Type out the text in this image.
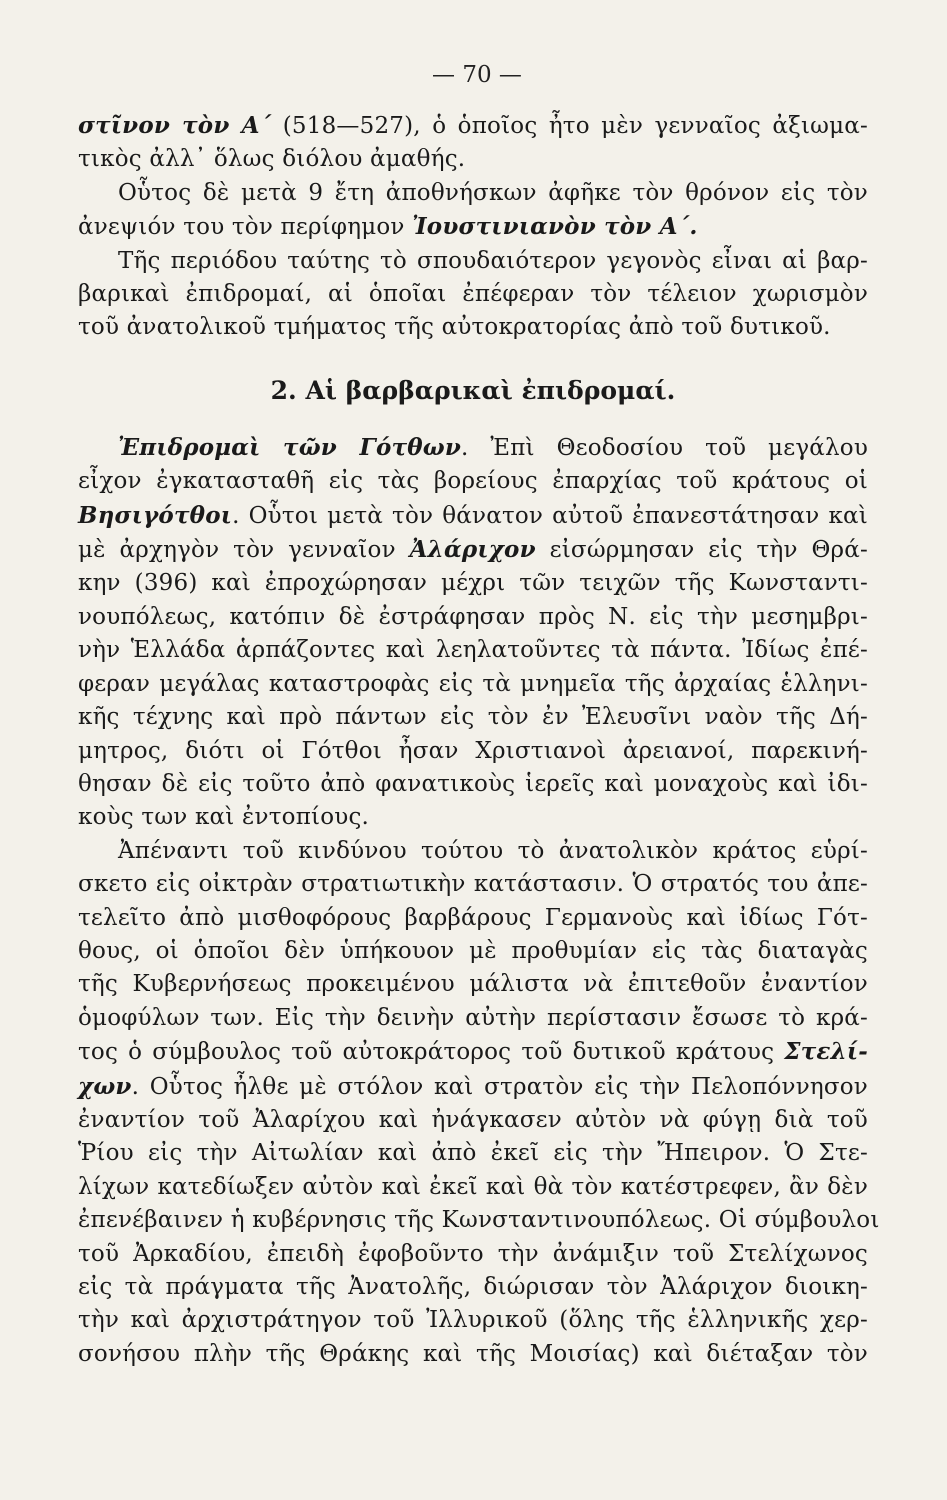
— 70 —
στῖνον τὸν Α΄ (518—527), ὁ ὁποῖος ἦτο μὲν γενναῖος ἀξιωμα-
τικὸς ἀλλ᾽ ὅλως διόλου ἀμαθής.
Οὗτος δὲ μετὰ 9 ἔτη ἀποθνήσκων ἀφῆκε τὸν θρόνον εἰς τὸν
ἀνεψιόν του τὸν περίφημον Ἰουστινιανὸν τὸν Α΄.
Τῆς περιόδου ταύτης τὸ σπουδαιότερον γεγονὸς εἶναι αἱ βαρ-
βαρικαὶ ἐπιδρομαί, αἱ ὁποῖαι ἐπέφεραν τὸν τέλειον χωρισμὸν
τοῦ ἀνατολικοῦ τμήματος τῆς αὐτοκρατορίας ἀπὸ τοῦ δυτικοῦ.
2. Αἱ βαρβαρικαὶ ἐπιδρομαί.
Ἐπιδρομαὶ τῶν Γότθων. Ἐπὶ Θεοδοσίου τοῦ μεγάλου
εἶχον ἐγκατασταθῆ εἰς τὰς βορείους ἐπαρχίας τοῦ κράτους οἱ
Βησιγότθοι. Οὗτοι μετὰ τὸν θάνατον αὐτοῦ ἐπανεστάτησαν καὶ
μὲ ἀρχηγὸν τὸν γενναῖον Ἀλάριχον εἰσώρμησαν εἰς τὴν Θρά-
κην (396) καὶ ἐπροχώρησαν μέχρι τῶν τειχῶν τῆς Κωνσταντι-
νουπόλεως, κατόπιν δὲ ἐστράφησαν πρὸς Ν. εἰς τὴν μεσημβρι-
νὴν Ἑλλάδα ἁρπάζοντες καὶ λεηλατοῦντες τὰ πάντα. Ἰδίως ἐπέ-
φεραν μεγάλας καταστροφὰς εἰς τὰ μνημεῖα τῆς ἀρχαίας ἑλληνι-
κῆς τέχνης καὶ πρὸ πάντων εἰς τὸν ἐν Ἐλευσῖνι ναὸν τῆς Δή-
μητρος, διότι οἱ Γότθοι ἦσαν Χριστιανοὶ ἀρειανοί, παρεκινή-
θησαν δὲ εἰς τοῦτο ἀπὸ φανατικοὺς ἱερεῖς καὶ μοναχοὺς καὶ ἰδι-
κοὺς των καὶ ἐντοπίους.
Ἀπέναντι τοῦ κινδύνου τούτου τὸ ἀνατολικὸν κράτος εὑρί-
σκετο εἰς οἰκτρὰν στρατιωτικὴν κατάστασιν. Ὁ στρατός του ἀπε-
τελεῖτο ἀπὸ μισθοφόρους βαρβάρους Γερμανοὺς καὶ ἰδίως Γότ-
θους, οἱ ὁποῖοι δὲν ὑπήκουον μὲ προθυμίαν εἰς τὰς διαταγὰς
τῆς Κυβερνήσεως προκειμένου μάλιστα νὰ ἐπιτεθοῦν ἐναντίον
ὁμοφύλων των. Εἰς τὴν δεινὴν αὐτὴν περίστασιν ἔσωσε τὸ κρά-
τος ὁ σύμβουλος τοῦ αὐτοκράτορος τοῦ δυτικοῦ κράτους Στελί-
χων. Οὗτος ἦλθε μὲ στόλον καὶ στρατὸν εἰς τὴν Πελοπόννησον
ἐναντίον τοῦ Ἀλαρίχου καὶ ἠνάγκασεν αὐτὸν νὰ φύγῃ διὰ τοῦ
Ῥίου εἰς τὴν Αἰτωλίαν καὶ ἀπὸ ἐκεῖ εἰς τὴν Ἤπειρον. Ὁ Στε-
λίχων κατεδίωξεν αὐτὸν καὶ ἐκεῖ καὶ θὰ τὸν κατέστρεφεν, ἂν δὲν
ἐπενέβαινεν ἡ κυβέρνησις τῆς Κωνσταντινουπόλεως. Οἱ σύμβουλοι
τοῦ Ἀρκαδίου, ἐπειδὴ ἐφοβοῦντο τὴν ἀνάμιξιν τοῦ Στελίχωνος
εἰς τὰ πράγματα τῆς Ἀνατολῆς, διώρισαν τὸν Ἀλάριχον διοικη-
τὴν καὶ ἀρχιστράτηγον τοῦ Ἰλλυρικοῦ (ὅλης τῆς ἑλληνικῆς χερ-
σονήσου πλὴν τῆς Θράκης καὶ τῆς Μοισίας) καὶ διέταξαν τὸν
